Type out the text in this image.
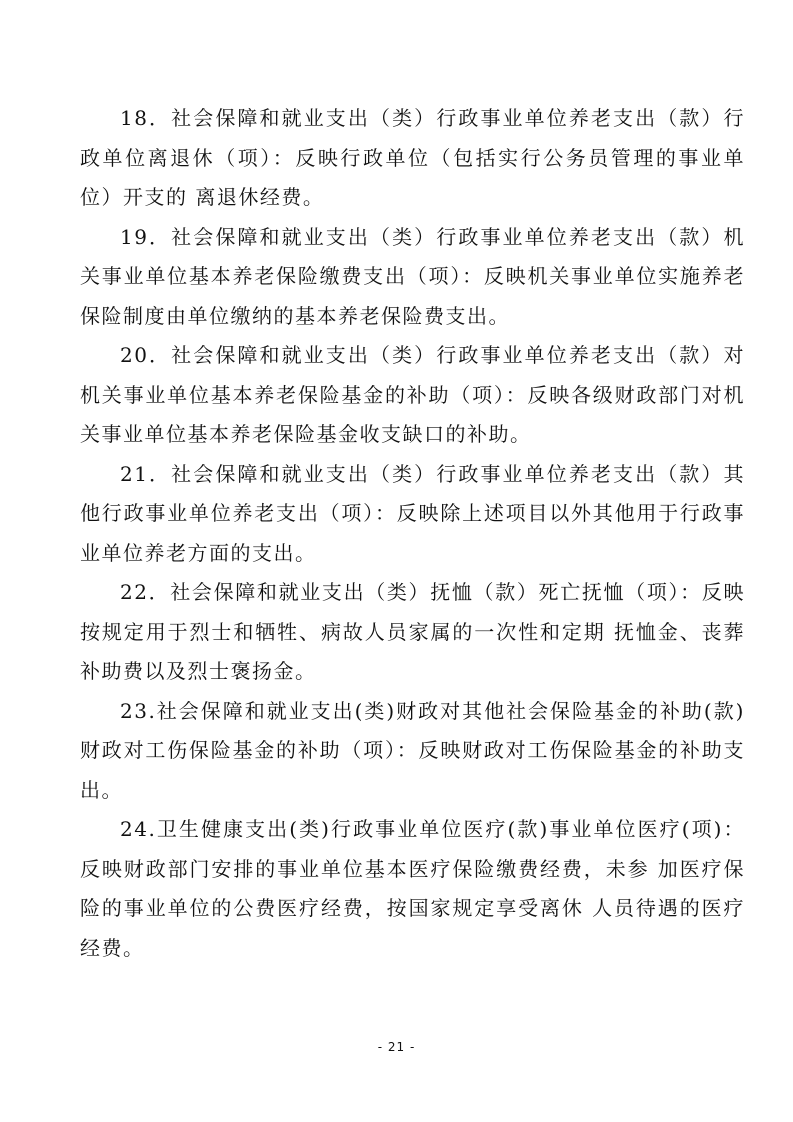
18．社会保障和就业支出（类）行政事业单位养老支出（款）行政单位离退休（项）：反映行政单位（包括实行公务员管理的事业单位）开支的 离退休经费。

19．社会保障和就业支出（类）行政事业单位养老支出（款）机关事业单位基本养老保险缴费支出（项）：反映机关事业单位实施养老保险制度由单位缴纳的基本养老保险费支出。

20．社会保障和就业支出（类）行政事业单位养老支出（款）对机关事业单位基本养老保险基金的补助（项）：反映各级财政部门对机关事业单位基本养老保险基金收支缺口的补助。

21．社会保障和就业支出（类）行政事业单位养老支出（款）其他行政事业单位养老支出（项）：反映除上述项目以外其他用于行政事业单位养老方面的支出。

22．社会保障和就业支出（类）抚恤（款）死亡抚恤（项）：反映按规定用于烈士和牺牲、病故人员家属的一次性和定期 抚恤金、丧葬补助费以及烈士褒扬金。

23.社会保障和就业支出(类)财政对其他社会保险基金的补助(款)财政对工伤保险基金的补助（项）：反映财政对工伤保险基金的补助支出。

24.卫生健康支出(类)行政事业单位医疗(款)事业单位医疗(项)：反映财政部门安排的事业单位基本医疗保险缴费经费，未参 加医疗保险的事业单位的公费医疗经费，按国家规定享受离休 人员待遇的医疗经费。

- 21 -
